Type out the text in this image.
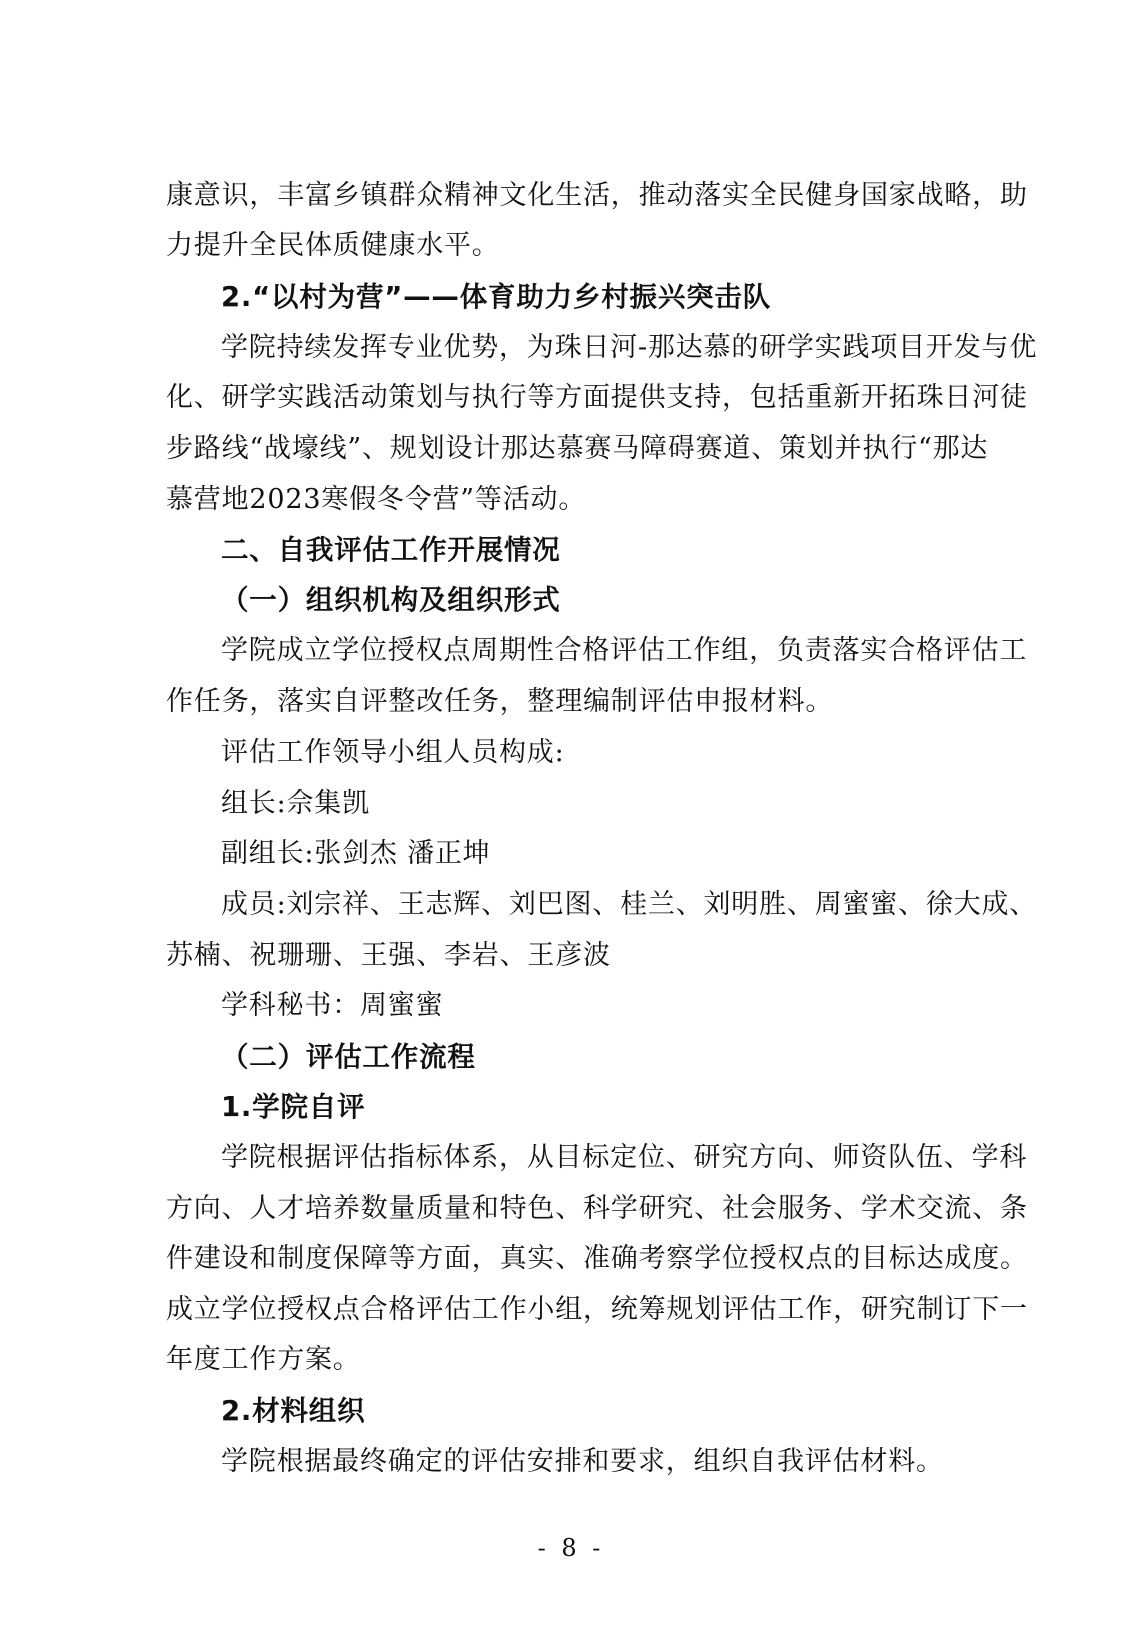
康意识，丰富乡镇群众精神文化生活，推动落实全民健身国家战略，助

力提升全民体质健康水平。

2.“以村为营”——体育助力乡村振兴突击队

学院持续发挥专业优势，为珠日河-那达慕的研学实践项目开发与优

化、研学实践活动策划与执行等方面提供支持，包括重新开拓珠日河徒

步路线“战壕线”、规划设计那达慕赛马障碍赛道、策划并执行“那达

慕营地2023寒假冬令营”等活动。

二、自我评估工作开展情况

（一）组织机构及组织形式

学院成立学位授权点周期性合格评估工作组，负责落实合格评估工

作任务，落实自评整改任务，整理编制评估申报材料。

评估工作领导小组人员构成:

组长:佘集凯

副组长:张剑杰 潘正坤

成员:刘宗祥、王志辉、刘巴图、桂兰、刘明胜、周蜜蜜、徐大成、

苏楠、祝珊珊、王强、李岩、王彦波

学科秘书：周蜜蜜

（二）评估工作流程

1.学院自评

学院根据评估指标体系，从目标定位、研究方向、师资队伍、学科

方向、人才培养数量质量和特色、科学研究、社会服务、学术交流、条

件建设和制度保障等方面，真实、准确考察学位授权点的目标达成度。

成立学位授权点合格评估工作小组，统筹规划评估工作，研究制订下一

年度工作方案。

2.材料组织

学院根据最终确定的评估安排和要求，组织自我评估材料。

- 8 -
